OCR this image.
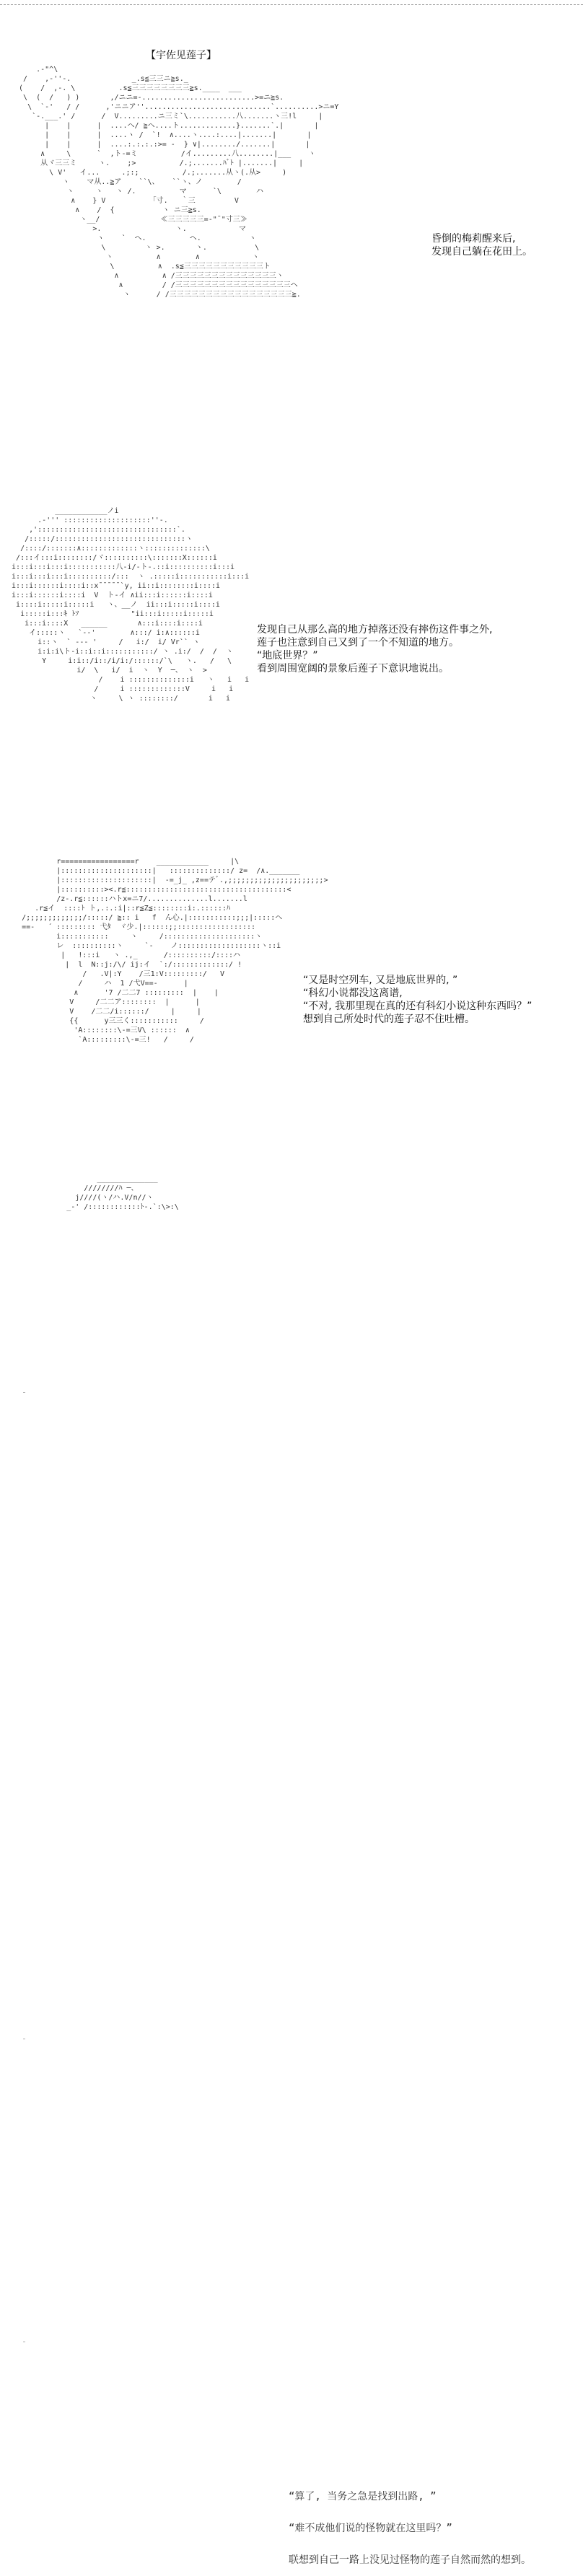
【宇佐见莲子】
.-"^\
/    ,-''-.              _.s≦三三ニ≧s._
(    /  ,-. \          .s≦三三三三三三三三≧s.____  ___
\  (  /   ) )       ,/ニニ=-..........................>=ニ≧s.
\  `-'   / /      ,'ニニア''.............................`..........>ニ=Y
`-.___.' /      /  V.........ニ三ミ`\...........八.......ヽ三!l     |
|    |      |  ....ヘ/ ≧ヘ....ト.............}.......`.|       |
|    |      |  ....ヽ /  `!  ∧....ヽ....:....|.......|       |
|    |      |  ....:.:.:.:>= -  } ∨|......../.......|       |
∧     \      `  ,ト-=ミ          /イ.........八........|___    ヽ
从ヾ三三ミ     ヽ.    ;>          /.;.......ﾊﾞﾄ |.......|     |
\ V'   イ...     .;:;          /.;.......从ヽ(.从>     )
ヽ    マ从..≧ア    ``\、   ``ヽ、ノ        /
ヽ     ヽ   ヽ /.          マ      `\        ハ
∧    } V          「寸.   ｀三         V
∧    /  {           ヽ ニ三≧s.
ヽ__/              ≪三三三三三=-"¯"寸三≫
>.                 ヽ.            マ
ヽ    `  へ.          ヘ.           ヽ
\         ヽ >.       ヽ.           \
ヽ          ∧        ∧            ヽ
\          ∧  .s≦三三三三三三三三三三三ト
∧          ∧ /三三三三三三三三三三三三三三ヽ
∧         / /三三三三三三三三三三三三三三三三ヘ
ヽ      / /三三三三三三三三三三三三三三三三三≧.

昏倒的梅莉醒来后,
发现自己躺在花田上。
____________ノi
.-''' ::::::::::::::::::::''-.
,'::::::::::::::::::::::::::::::::`.
/:::::/::::::::::::::::::::::::::::::ヽ
/::::/:::::::∧:::::::::::::ヽ::::::::::::::\
/:::イ:::i::::::::/ヾ::::::::::\:::::::X::::::i
i:::i:::i:::i:::::::::::八-i/-ト-.::i::::::::::i:::i
i:::i:::i:::i::::::::::/:::  ヽ .:::::i:::::::::::i:::i
i:::i::::::i::::i::x¯¯¯¯¯`y, ii::i::::::::i::::i
i:::i::::::i::::i  V  ト-イ ∧ii:::i::::::i::::i
i::::i:::::i:::::i   ヽ、__ノ  ii:::i:::::i::::i
i:::::i:::ｷ ﾄｿ            "ii:::i:::::i:::::i
i:::i::::X   ______       ∧:::i::::i::::i
イ:::::ヽ   `--'        ∧:::/ i:∧::::::i
i::ヽ  ` ‐-‐ '     /   i:/  i/ Vr`` ヽ
i:i:i\ト-i::i::i:::::::::::/ ヽ .i:/  /  /  ヽ
Y     i:i::/i::/i/i:/::::::/`\   ヽ.   /   \
i/  \   i/  i  ヽ  Y  ─、 ヽ  >
/    i ::::::::::::::i   ヽ   i   i
/     i :::::::::::::V     i   i
ヽ     \ ヽ ::::::::/       i   i

发现自己从那么高的地方掉落还没有摔伤这件事之外,
莲子也注意到自己又到了一个不知道的地方。
“地底世界？”
看到周围宽阔的景象后莲子下意识地说出。
r=================r    ____________     |\
|:::::::::::::::::::::|   ::::::::::::::/ z=  /∧._______
|:::::::::::::::::::::|  -=_j_ ,z==テﾞ.,;;;;;;;;;;;;;;;;;;;;;;>
|::::::::::><.r≦:::::::::::::::::::::::::::::::::::::<
/z-.r≦::::::ハトx=ニ7/..............l.......l
.r≦イ  ::::ﾄ ト,.:.:i|::r≦Z≦::::::::i:.::::::ﾊ
/;;;;;;;;;;;;;/:::::/ ≧:: i   f  ん心.|:::::::::::;;;|:::::ヘ
==-   ´ ::::::::: 弋ﾀ  ヾ少.|::::::;;::::::::::::::::::
i:::::::::::     ヽ     /:::::::::::::::::::::ヽ
レ  ::::::::::ヽ     `-    ノ:::::::::::::::::::ヽ::i
|   !:::i   ヽ .,_      /::::::::::/::::ハ
|  l  N::j:/\/ ij:イ  `:/:::::::::::::/ !
/   .V|:Y    /三1:V:::::::::/   V
/     ハ  1 /弋V==-      |
∧      '7 /二二7 :::::::::  |    |
V     /二二ア::::::::  |      |
V    /二二/i::::::/     |     |
{{      y三三く:::::::::::     /
'A::::::::\-=三V\ ::::::  ∧
`A:::::::::\-=三!   /     /

“又是时空列车, 又是地底世界的, ”
“科幻小说都没这离谱,
“不对, 我那里现在真的还有科幻小说这种东西吗？”
想到自己所处时代的莲子忍不住吐槽。
______________
////////ﾊ ─、
j////(ヽ/ハ.V/n//ヽ
_-' /::::::::::::ﾄ-.`:\>:\

“算了, 当务之急是找到出路, ”

“难不成他们说的怪物就在这里吗？”

联想到自己一路上没见过怪物的莲子自然而然的想到。
